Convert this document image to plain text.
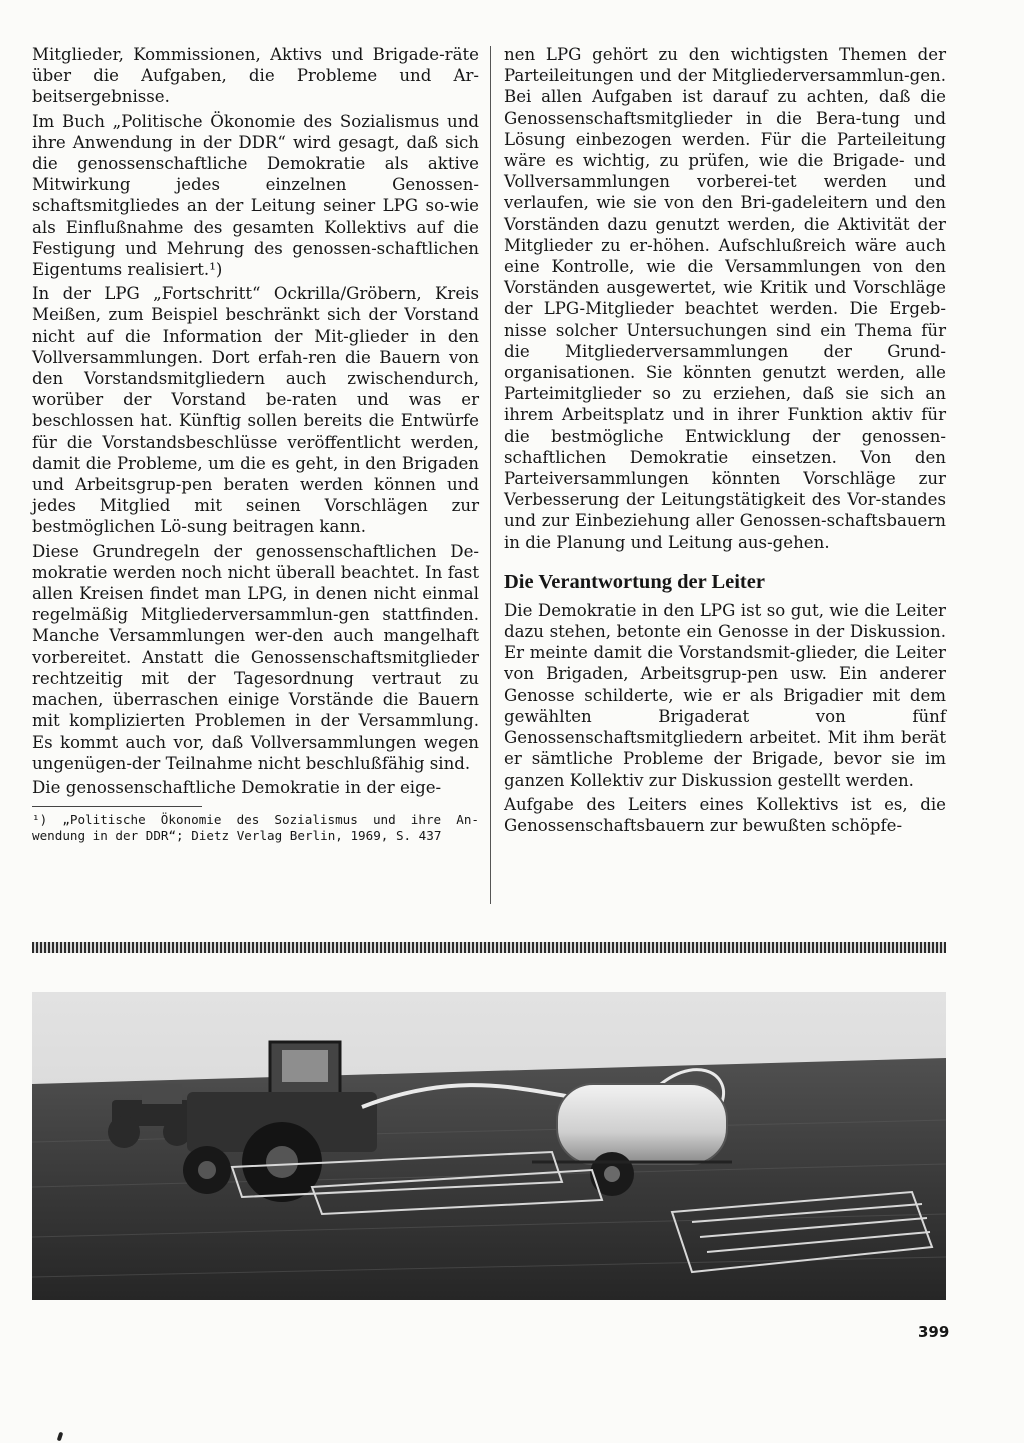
Mitglieder, Kommissionen, Aktivs und Brigade-räte über die Aufgaben, die Probleme und Ar-beitsergebnisse.

Im Buch „Politische Ökonomie des Sozialismus und ihre Anwendung in der DDR“ wird gesagt, daß sich die genossenschaftliche Demokratie als aktive Mitwirkung jedes einzelnen Genossen-schaftsmitgliedes an der Leitung seiner LPG so-wie als Einflußnahme des gesamten Kollektivs auf die Festigung und Mehrung des genossen-schaftlichen Eigentums realisiert.¹)

In der LPG „Fortschritt“ Ockrilla/Gröbern, Kreis Meißen, zum Beispiel beschränkt sich der Vorstand nicht auf die Information der Mit-glieder in den Vollversammlungen. Dort erfah-ren die Bauern von den Vorstandsmitgliedern auch zwischendurch, worüber der Vorstand be-raten und was er beschlossen hat. Künftig sollen bereits die Entwürfe für die Vorstandsbeschlüsse veröffentlicht werden, damit die Probleme, um die es geht, in den Brigaden und Arbeitsgrup-pen beraten werden können und jedes Mitglied mit seinen Vorschlägen zur bestmöglichen Lö-sung beitragen kann.

Diese Grundregeln der genossenschaftlichen De-mokratie werden noch nicht überall beachtet. In fast allen Kreisen findet man LPG, in denen nicht einmal regelmäßig Mitgliederversammlun-gen stattfinden. Manche Versammlungen wer-den auch mangelhaft vorbereitet. Anstatt die Genossenschaftsmitglieder rechtzeitig mit der Tagesordnung vertraut zu machen, überraschen einige Vorstände die Bauern mit komplizierten Problemen in der Versammlung. Es kommt auch vor, daß Vollversammlungen wegen ungenügen-der Teilnahme nicht beschlußfähig sind.

Die genossenschaftliche Demokratie in der eige-

¹) „Politische Ökonomie des Sozialismus und ihre An-wendung in der DDR“; Dietz Verlag Berlin, 1969, S. 437

nen LPG gehört zu den wichtigsten Themen der Parteileitungen und der Mitgliederversammlun-gen. Bei allen Aufgaben ist darauf zu achten, daß die Genossenschaftsmitglieder in die Bera-tung und Lösung einbezogen werden. Für die Parteileitung wäre es wichtig, zu prüfen, wie die Brigade- und Vollversammlungen vorberei-tet werden und verlaufen, wie sie von den Bri-gadeleitern und den Vorständen dazu genutzt werden, die Aktivität der Mitglieder zu er-höhen. Aufschlußreich wäre auch eine Kontrolle, wie die Versammlungen von den Vorständen ausgewertet, wie Kritik und Vorschläge der LPG-Mitglieder beachtet werden. Die Ergeb-nisse solcher Untersuchungen sind ein Thema für die Mitgliederversammlungen der Grund-organisationen. Sie könnten genutzt werden, alle Parteimitglieder so zu erziehen, daß sie sich an ihrem Arbeitsplatz und in ihrer Funktion aktiv für die bestmögliche Entwicklung der genossen-schaftlichen Demokratie einsetzen. Von den Parteiversammlungen könnten Vorschläge zur Verbesserung der Leitungstätigkeit des Vor-standes und zur Einbeziehung aller Genossen-schaftsbauern in die Planung und Leitung aus-gehen.

Die Verantwortung der Leiter

Die Demokratie in den LPG ist so gut, wie die Leiter dazu stehen, betonte ein Genosse in der Diskussion. Er meinte damit die Vorstandsmit-glieder, die Leiter von Brigaden, Arbeitsgrup-pen usw. Ein anderer Genosse schilderte, wie er als Brigadier mit dem gewählten Brigaderat von fünf Genossenschaftsmitgliedern arbeitet. Mit ihm berät er sämtliche Probleme der Brigade, bevor sie im ganzen Kollektiv zur Diskussion gestellt werden.

Aufgabe des Leiters eines Kollektivs ist es, die Genossenschaftsbauern zur bewußten schöpfe-

399
